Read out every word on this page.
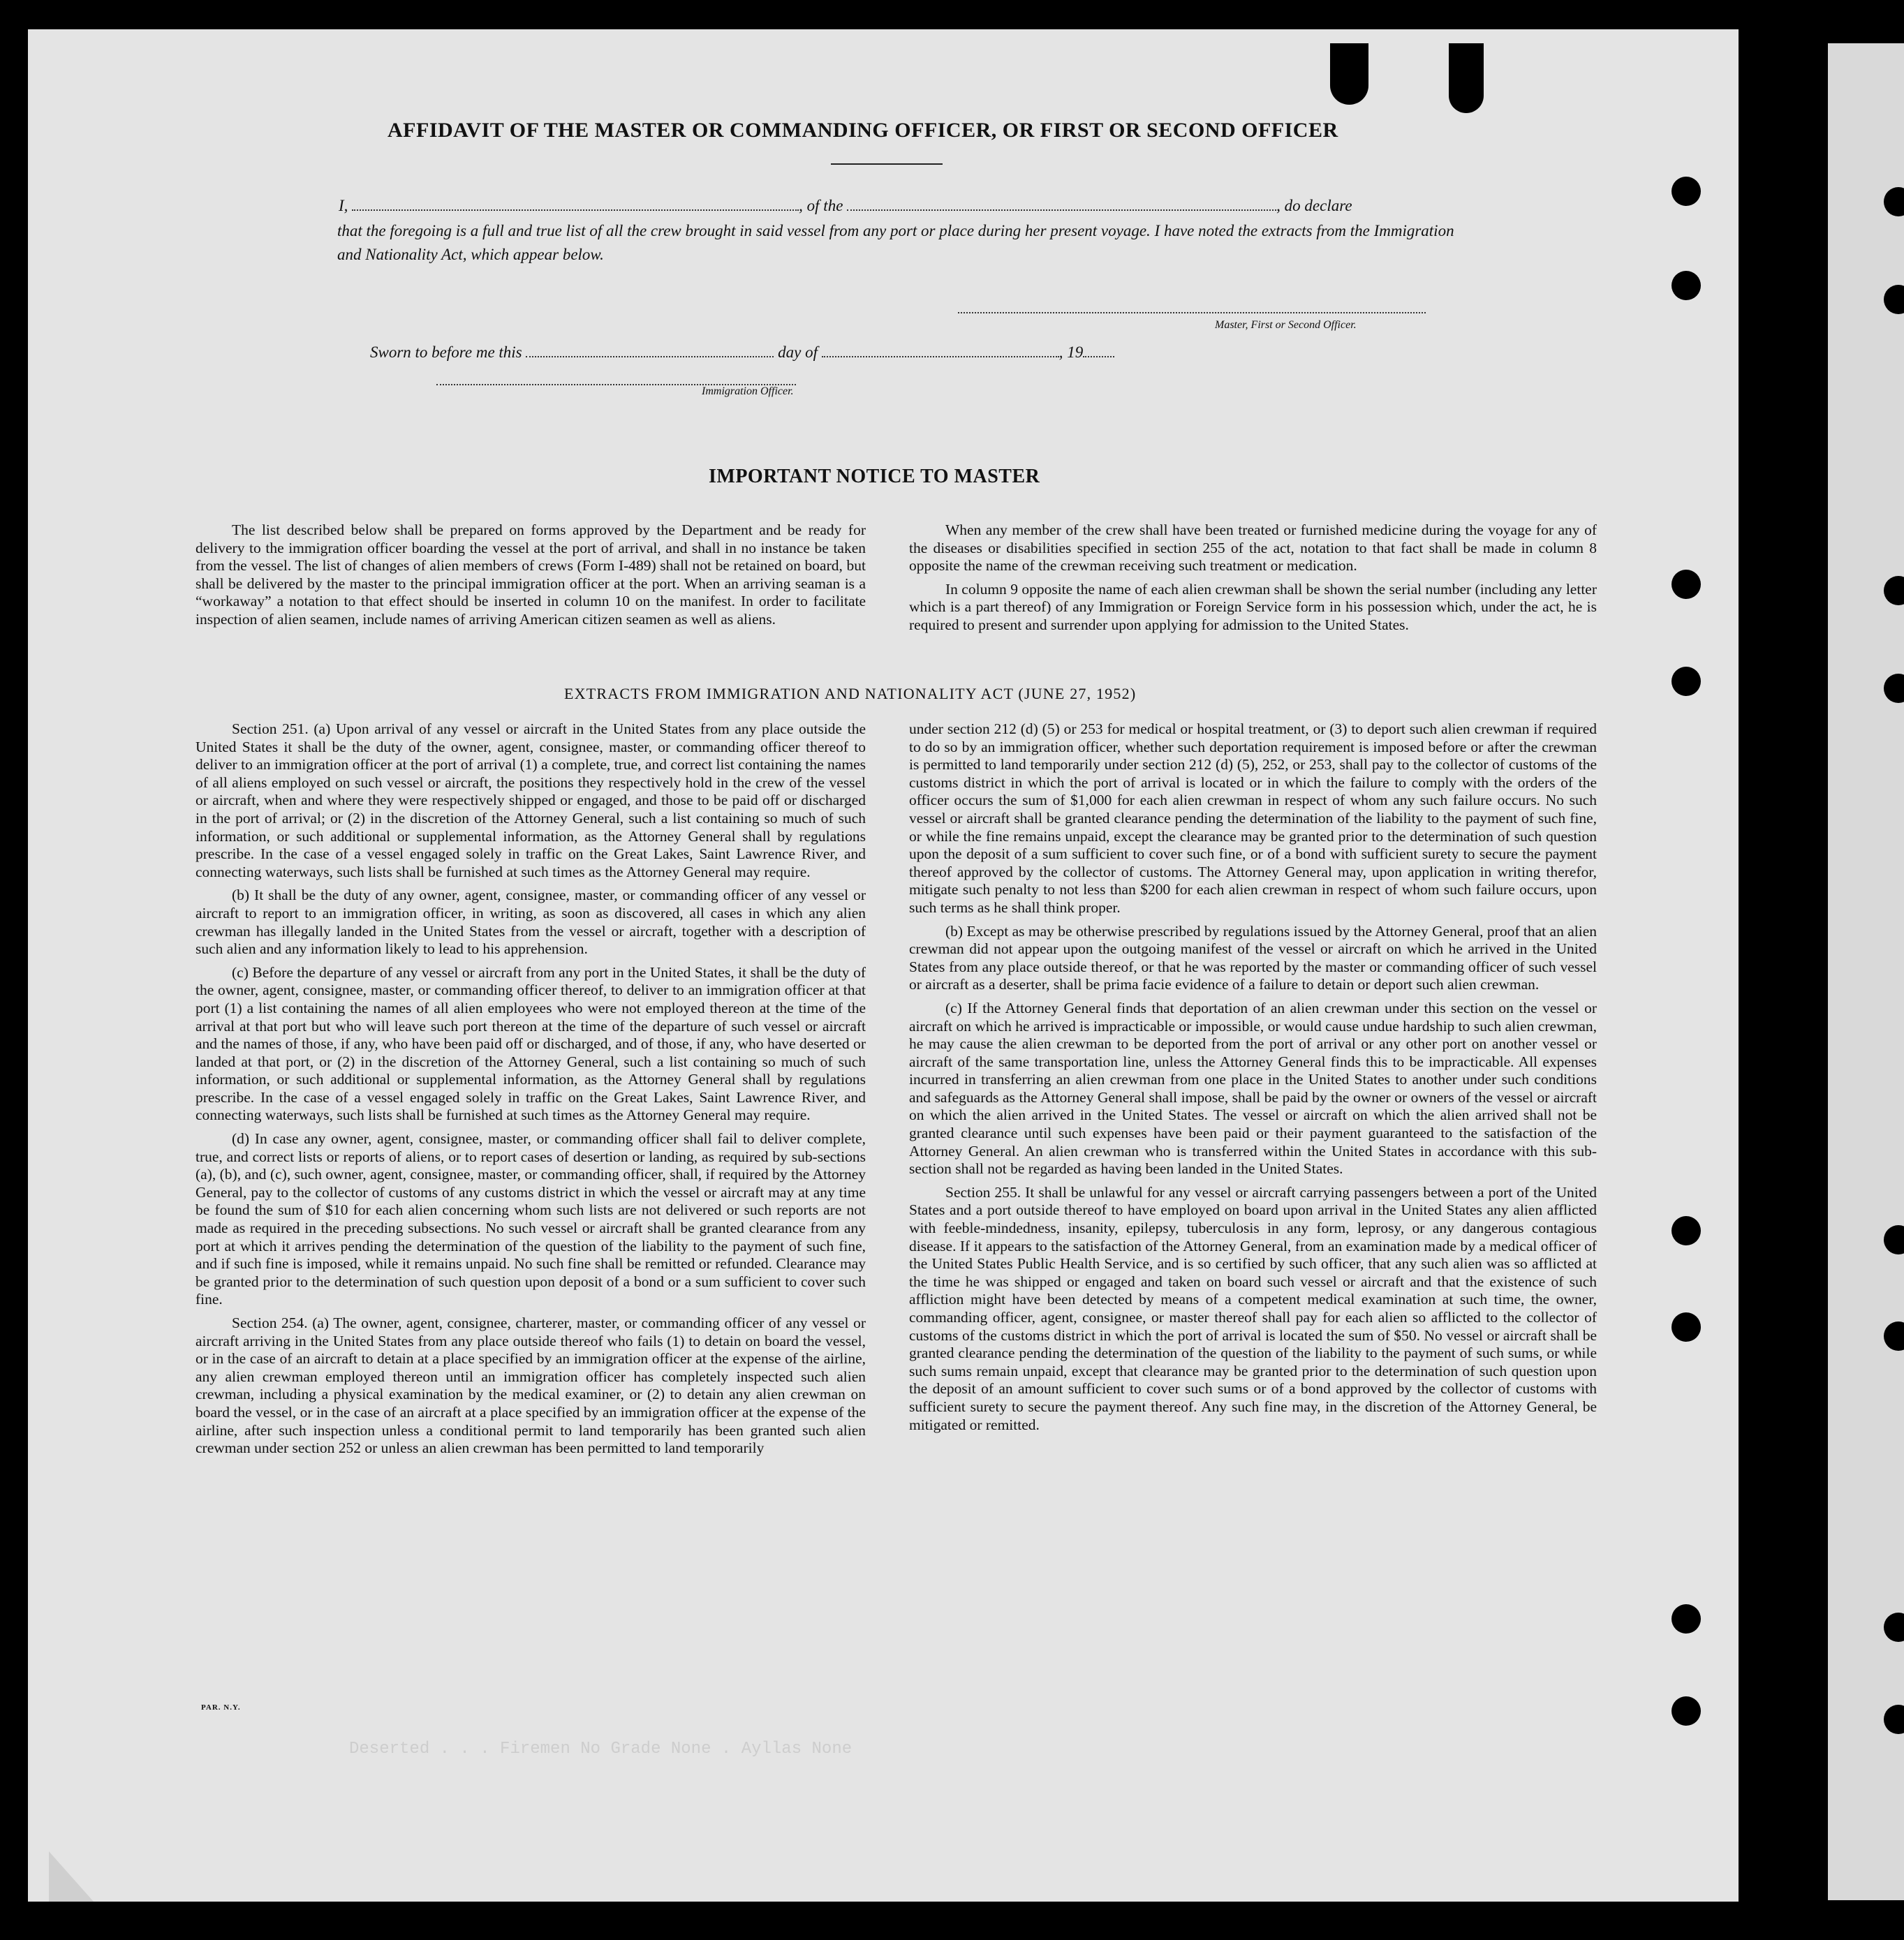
Deserted . . . Firemen No Grade None . Ayllas None
AFFIDAVIT OF THE MASTER OR COMMANDING OFFICER, OR FIRST OR SECOND OFFICER
I,	, of the	, do declare
that the foregoing is a full and true list of all the crew brought in said vessel from any port or place during her present voyage. I have noted the extracts from the Immigration and Nationality Act, which appear below.
Master, First or Second Officer.
Sworn to before me this	day of	, 19
Immigration Officer.
IMPORTANT NOTICE TO MASTER

The list described below shall be prepared on forms approved by the Department and be ready for delivery to the immigration officer boarding the vessel at the port of arrival, and shall in no instance be taken from the vessel. The list of changes of alien members of crews (Form I-489) shall not be retained on board, but shall be delivered by the master to the principal immigration officer at the port. When an arriving seaman is a “workaway” a notation to that effect should be inserted in column 10 on the manifest. In order to facilitate inspection of alien seamen, include names of arriving American citizen seamen as well as aliens.

When any member of the crew shall have been treated or furnished medicine during the voyage for any of the diseases or disabilities specified in section 255 of the act, notation to that fact shall be made in column 8 opposite the name of the crewman receiving such treatment or medication.

In column 9 opposite the name of each alien crewman shall be shown the serial number (including any letter which is a part thereof) of any Immigration or Foreign Service form in his possession which, under the act, he is required to present and surrender upon applying for admission to the United States.

EXTRACTS FROM IMMIGRATION AND NATIONALITY ACT (JUNE 27, 1952)

Section 251. (a) Upon arrival of any vessel or aircraft in the United States from any place outside the United States it shall be the duty of the owner, agent, consignee, master, or commanding officer thereof to deliver to an immigration officer at the port of arrival (1) a complete, true, and correct list containing the names of all aliens employed on such vessel or aircraft, the positions they respectively hold in the crew of the vessel or aircraft, when and where they were respectively shipped or engaged, and those to be paid off or discharged in the port of arrival; or (2) in the discretion of the Attorney General, such a list containing so much of such information, or such additional or supplemental information, as the Attorney General shall by regulations prescribe. In the case of a vessel engaged solely in traffic on the Great Lakes, Saint Lawrence River, and connecting waterways, such lists shall be furnished at such times as the Attorney General may require.

(b) It shall be the duty of any owner, agent, consignee, master, or commanding officer of any vessel or aircraft to report to an immigration officer, in writing, as soon as discovered, all cases in which any alien crewman has illegally landed in the United States from the vessel or aircraft, together with a description of such alien and any information likely to lead to his apprehension.

(c) Before the departure of any vessel or aircraft from any port in the United States, it shall be the duty of the owner, agent, consignee, master, or commanding officer thereof, to deliver to an immigration officer at that port (1) a list containing the names of all alien employees who were not employed thereon at the time of the arrival at that port but who will leave such port thereon at the time of the departure of such vessel or aircraft and the names of those, if any, who have been paid off or discharged, and of those, if any, who have deserted or landed at that port, or (2) in the discretion of the Attorney General, such a list containing so much of such information, or such additional or supplemental information, as the Attorney General shall by regulations prescribe. In the case of a vessel engaged solely in traffic on the Great Lakes, Saint Lawrence River, and connecting waterways, such lists shall be furnished at such times as the Attorney General may require.

(d) In case any owner, agent, consignee, master, or commanding officer shall fail to deliver complete, true, and correct lists or reports of aliens, or to report cases of desertion or landing, as required by sub-sections (a), (b), and (c), such owner, agent, consignee, master, or commanding officer, shall, if required by the Attorney General, pay to the collector of customs of any customs district in which the vessel or aircraft may at any time be found the sum of $10 for each alien concerning whom such lists are not delivered or such reports are not made as required in the preceding subsections. No such vessel or aircraft shall be granted clearance from any port at which it arrives pending the determination of the question of the liability to the payment of such fine, and if such fine is imposed, while it remains unpaid. No such fine shall be remitted or refunded. Clearance may be granted prior to the determination of such question upon deposit of a bond or a sum sufficient to cover such fine.

Section 254. (a) The owner, agent, consignee, charterer, master, or commanding officer of any vessel or aircraft arriving in the United States from any place outside thereof who fails (1) to detain on board the vessel, or in the case of an aircraft to detain at a place specified by an immigration officer at the expense of the airline, any alien crewman employed thereon until an immigration officer has completely inspected such alien crewman, including a physical examination by the medical examiner, or (2) to detain any alien crewman on board the vessel, or in the case of an aircraft at a place specified by an immigration officer at the expense of the airline, after such inspection unless a conditional permit to land temporarily has been granted such alien crewman under section 252 or unless an alien crewman has been permitted to land temporarily

under section 212 (d) (5) or 253 for medical or hospital treatment, or (3) to deport such alien crewman if required to do so by an immigration officer, whether such deportation requirement is imposed before or after the crewman is permitted to land temporarily under section 212 (d) (5), 252, or 253, shall pay to the collector of customs of the customs district in which the port of arrival is located or in which the failure to comply with the orders of the officer occurs the sum of $1,000 for each alien crewman in respect of whom any such failure occurs. No such vessel or aircraft shall be granted clearance pending the determination of the liability to the payment of such fine, or while the fine remains unpaid, except the clearance may be granted prior to the determination of such question upon the deposit of a sum sufficient to cover such fine, or of a bond with sufficient surety to secure the payment thereof approved by the collector of customs. The Attorney General may, upon application in writing therefor, mitigate such penalty to not less than $200 for each alien crewman in respect of whom such failure occurs, upon such terms as he shall think proper.

(b) Except as may be otherwise prescribed by regulations issued by the Attorney General, proof that an alien crewman did not appear upon the outgoing manifest of the vessel or aircraft on which he arrived in the United States from any place outside thereof, or that he was reported by the master or commanding officer of such vessel or aircraft as a deserter, shall be prima facie evidence of a failure to detain or deport such alien crewman.

(c) If the Attorney General finds that deportation of an alien crewman under this section on the vessel or aircraft on which he arrived is impracticable or impossible, or would cause undue hardship to such alien crewman, he may cause the alien crewman to be deported from the port of arrival or any other port on another vessel or aircraft of the same transportation line, unless the Attorney General finds this to be impracticable. All expenses incurred in transferring an alien crewman from one place in the United States to another under such conditions and safeguards as the Attorney General shall impose, shall be paid by the owner or owners of the vessel or aircraft on which the alien arrived in the United States. The vessel or aircraft on which the alien arrived shall not be granted clearance until such expenses have been paid or their payment guaranteed to the satisfaction of the Attorney General. An alien crewman who is transferred within the United States in accordance with this sub-section shall not be regarded as having been landed in the United States.

Section 255. It shall be unlawful for any vessel or aircraft carrying passengers between a port of the United States and a port outside thereof to have employed on board upon arrival in the United States any alien afflicted with feeble-mindedness, insanity, epilepsy, tuberculosis in any form, leprosy, or any dangerous contagious disease. If it appears to the satisfaction of the Attorney General, from an examination made by a medical officer of the United States Public Health Service, and is so certified by such officer, that any such alien was so afflicted at the time he was shipped or engaged and taken on board such vessel or aircraft and that the existence of such affliction might have been detected by means of a competent medical examination at such time, the owner, commanding officer, agent, consignee, or master thereof shall pay for each alien so afflicted to the collector of customs of the customs district in which the port of arrival is located the sum of $50. No vessel or aircraft shall be granted clearance pending the determination of the question of the liability to the payment of such sums, or while such sums remain unpaid, except that clearance may be granted prior to the determination of such question upon the deposit of an amount sufficient to cover such sums or of a bond approved by the collector of customs with sufficient surety to secure the payment thereof. Any such fine may, in the discretion of the Attorney General, be mitigated or remitted.

PAR. N.Y.
